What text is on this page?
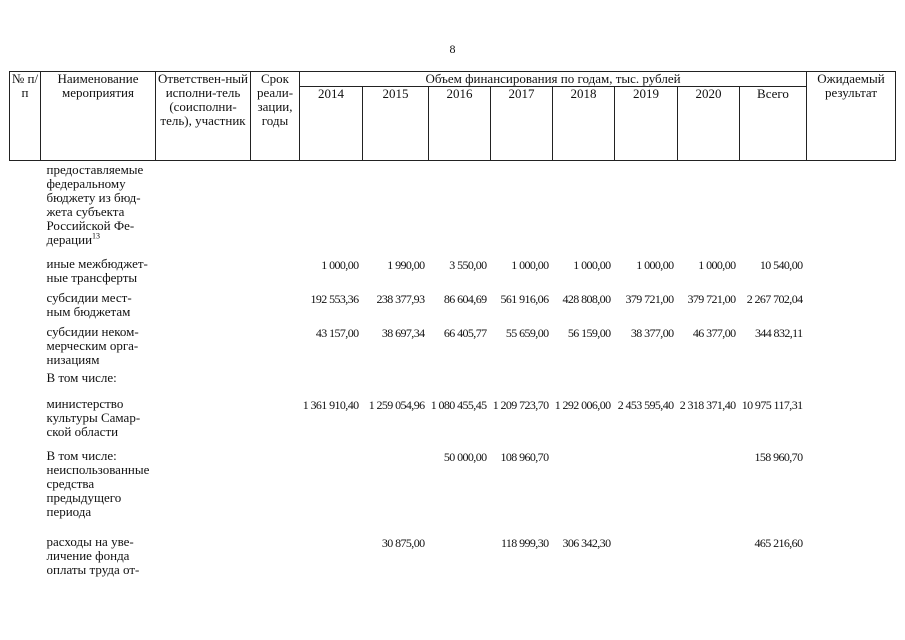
8
№ п/п	Наименование мероприятия	Ответствен-ный исполни-тель (соисполни-тель), участник	Срок реали-зации, годы	Объем финансирования по годам, тыс. рублей								Ожидаемый результат
				2014	2015	2016	2017	2018	2019	2020	Всего	
	предоставляемые федеральному бюджету из бюд-жета субъекта Российской Фе-дерации$^{13}$											
	иные межбюджет-ные трансферты			1 000,00	1 990,00	3 550,00	1 000,00	1 000,00	1 000,00	1 000,00	10 540,00	
	субсидии мест-ным бюджетам			192 553,36	238 377,93	86 604,69	561 916,06	428 808,00	379 721,00	379 721,00	2 267 702,04	
	субсидии неком-мерческим орга-низациям			43 157,00	38 697,34	66 405,77	55 659,00	56 159,00	38 377,00	46 377,00	344 832,11	
	В том числе:											
	министерство культуры Самар-ской области			1 361 910,40	1 259 054,96	1 080 455,45	1 209 723,70	1 292 006,00	2 453 595,40	2 318 371,40	10 975 117,31	
	В том числе: неиспользованные средства предыдущего периода					50 000,00	108 960,70				158 960,70	
	расходы на уве-личение фонда оплаты труда от-				30 875,00		118 999,30	306 342,30			465 216,60	
